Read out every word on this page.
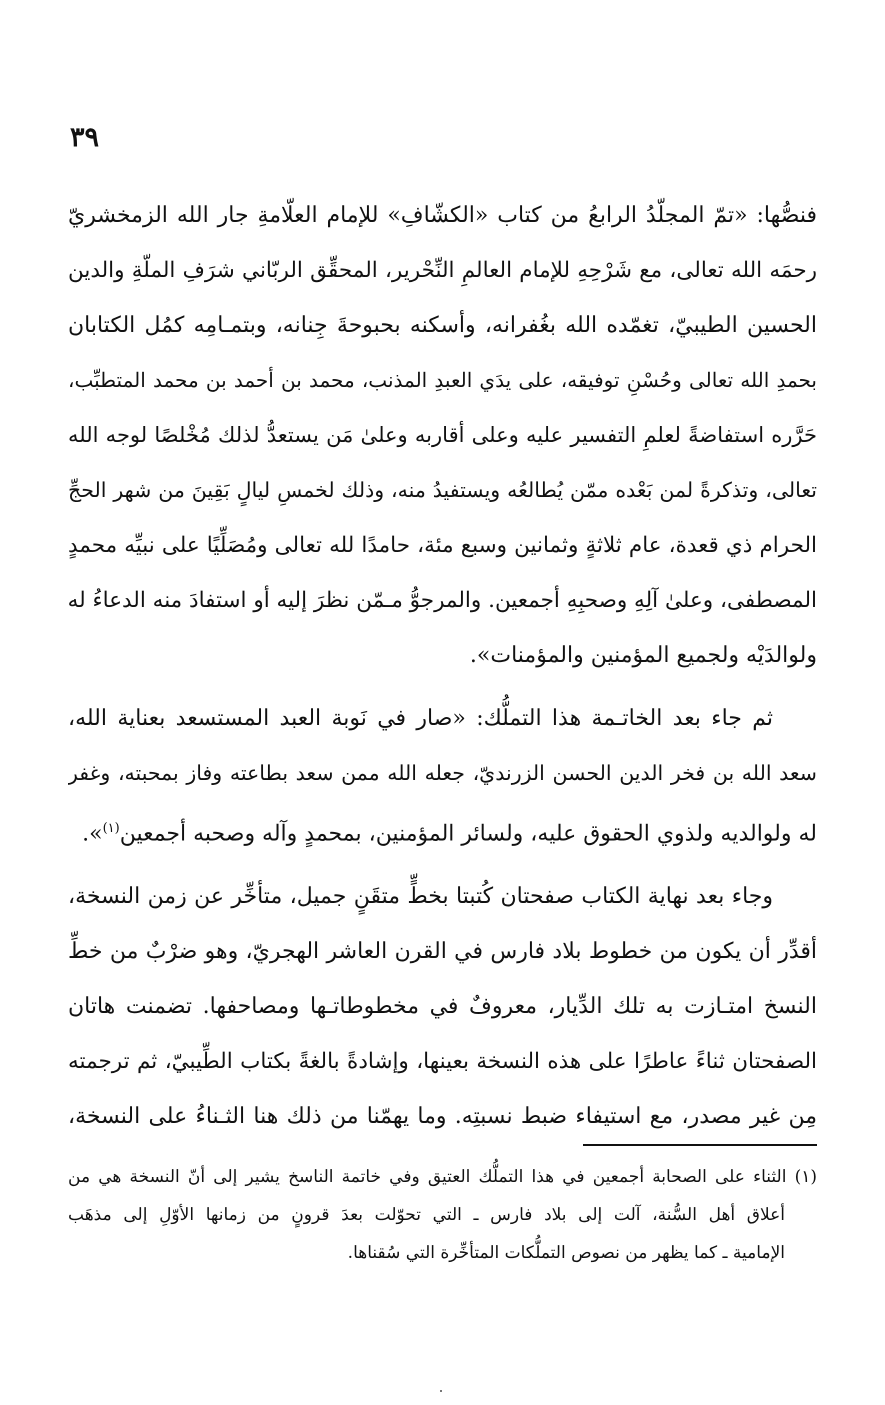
٣٩
فنصُّها: «تمّ المجلّدُ الرابعُ من كتاب «الكشّافِ» للإمام العلّامةِ جار الله الزمخشريّ
رحمَه الله تعالى، مع شَرْحِهِ للإمام العالمِ النِّحْرير، المحقِّق الربّاني شرَفِ الملّةِ والدين
الحسين الطيبيّ، تغمّده الله بغُفرانه، وأسكنه بحبوحةَ جِنانه، وبتمـامِه كمُل الكتابان
بحمدِ الله تعالى وحُسْنِ توفيقه، على يدَي العبدِ المذنب، محمد بن أحمد بن محمد المتطبِّب،
حَرَّره استفاضةً لعلمِ التفسير عليه وعلى أقاربه وعلىٰ مَن يستعدُّ لذلك مُخْلصًا لوجه الله
تعالى، وتذكرةً لمن بَعْده ممّن يُطالعُه ويستفيدُ منه، وذلك لخمسِ ليالٍ بَقِينَ من شهر الحجِّ
الحرام ذي قعدة، عام ثلاثةٍ وثمانين وسبع مئة، حامدًا لله تعالى ومُصَلِّيًا على نبيِّه محمدٍ
المصطفى، وعلىٰ آلِهِ وصحبِهِ أجمعين. والمرجوُّ مـمّن نظرَ إليه أو استفادَ منه الدعاءُ له
ولوالدَيْه ولجميع المؤمنين والمؤمنات».
ثم جاء بعد الخاتـمة هذا التملُّك: «صار في نَوبة العبد المستسعد بعناية الله،
سعد الله بن فخر الدين الحسن الزرنديّ، جعله الله ممن سعد بطاعته وفاز بمحبته، وغفر
له ولوالديه ولذوي الحقوق عليه، ولسائر المؤمنين، بمحمدٍ وآله وصحبه أجمعين$^{(١)}$».
وجاء بعد نهاية الكتاب صفحتان كُتبتا بخطٍّ متقَنٍ جميل، متأخِّر عن زمن النسخة،
أقدِّر أن يكون من خطوط بلاد فارس في القرن العاشر الهجريّ، وهو ضرْبٌ من خطِّ
النسخ امتـازت به تلك الدِّيار، معروفٌ في مخطوطاتـها ومصاحفها. تضمنت هاتان
الصفحتان ثناءً عاطرًا على هذه النسخة بعينها، وإشادةً بالغةً بكتاب الطِّيبيّ، ثم ترجمته
مِن غير مصدر، مع استيفاء ضبط نسبتِه. وما يهمّنا من ذلك هنا الثـناءُ على النسخة،
(١) الثناء على الصحابة أجمعين في هذا التملُّك العتيق وفي خاتمة الناسخ يشير إلى أنّ النسخة هي من
أعلاق أهل السُّنة، آلت إلى بلاد فارس ـ التي تحوّلت بعدَ قرونٍ من زمانها الأوّلِ إلى مذهَب
الإمامية ـ كما يظهر من نصوص التملُّكات المتأخِّرة التي سُقناها.
